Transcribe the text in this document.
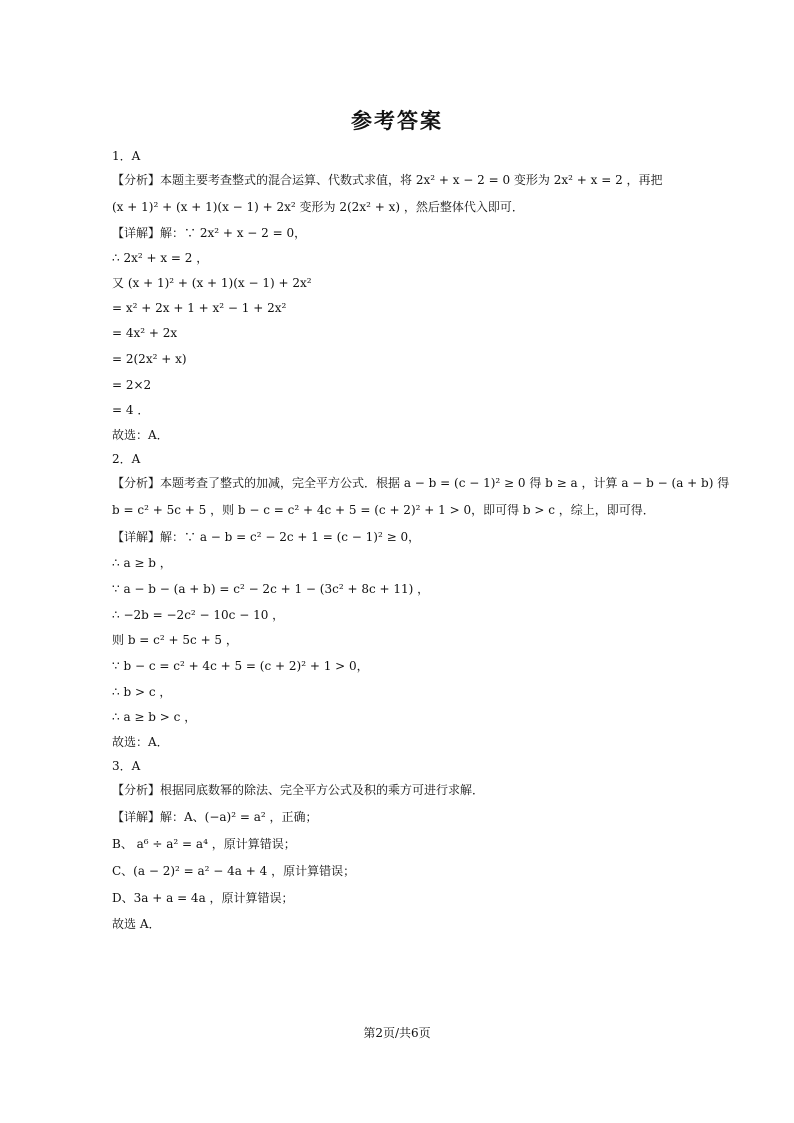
参考答案
1．A
【分析】本题主要考查整式的混合运算、代数式求值，将 2x² + x − 2 = 0 变形为 2x² + x = 2 ，再把
(x + 1)² + (x + 1)(x − 1) + 2x² 变形为 2(2x² + x) ，然后整体代入即可．
【详解】解：∵ 2x² + x − 2 = 0，
∴ 2x² + x = 2 ，
又 (x + 1)² + (x + 1)(x − 1) + 2x²
= x² + 2x + 1 + x² − 1 + 2x²
= 4x² + 2x
= 2(2x² + x)
= 2×2
= 4 ．
故选：A．
2．A
【分析】本题考查了整式的加减，完全平方公式．根据 a − b = (c − 1)² ≥ 0 得 b ≥ a ，计算 a − b − (a + b) 得
b = c² + 5c + 5 ，则 b − c = c² + 4c + 5 = (c + 2)² + 1 > 0，即可得 b > c ，综上，即可得．
【详解】解：∵ a − b = c² − 2c + 1 = (c − 1)² ≥ 0，
∴ a ≥ b ，
∵ a − b − (a + b) = c² − 2c + 1 − (3c² + 8c + 11) ，
∴ −2b = −2c² − 10c − 10 ，
则 b = c² + 5c + 5 ，
∵ b − c = c² + 4c + 5 = (c + 2)² + 1 > 0，
∴ b > c ，
∴ a ≥ b > c ，
故选：A．
3．A
【分析】根据同底数幂的除法、完全平方公式及积的乘方可进行求解．
【详解】解：A、(−a)² = a² ，正确；
B、 a⁶ ÷ a² = a⁴ ，原计算错误；
C、(a − 2)² = a² − 4a + 4 ，原计算错误；
D、3a + a = 4a ，原计算错误；
故选 A．
第2页/共6页
